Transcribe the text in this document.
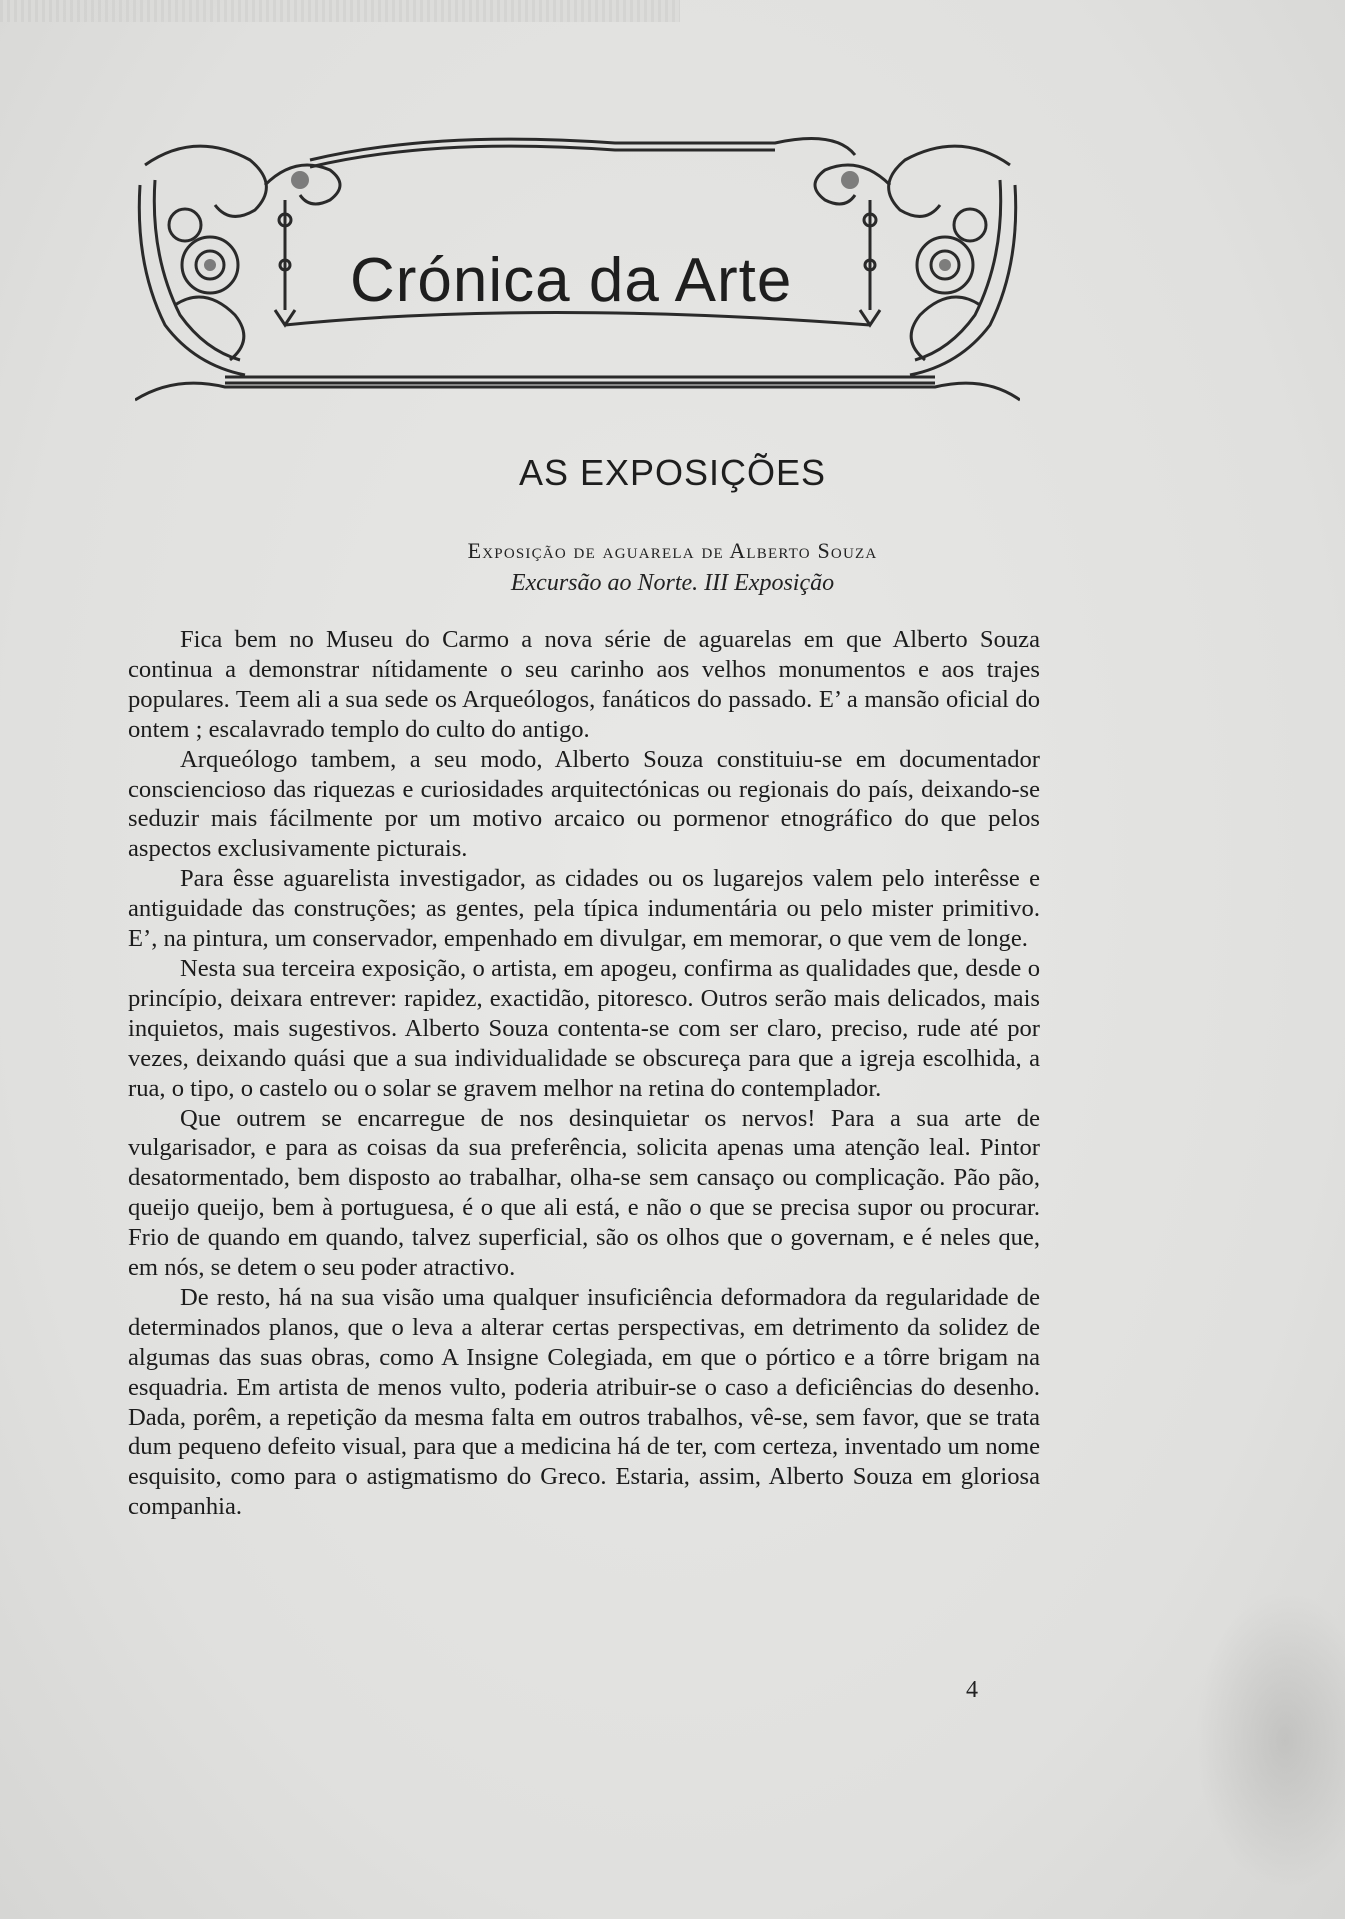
Crónica da Arte
AS EXPOSIÇÕES
Exposição de aguarela de Alberto Souza
Excursão ao Norte. III Exposição

Fica bem no Museu do Carmo a nova série de aguarelas em que Alberto Souza continua a demonstrar nítidamente o seu carinho aos velhos monumentos e aos trajes populares. Teem ali a sua sede os Arqueólogos, fanáticos do passado. E’ a mansão oficial do ontem ; escalavrado templo do culto do antigo.

Arqueólogo tambem, a seu modo, Alberto Souza constituiu-se em documentador consciencioso das riquezas e curiosidades arquitectónicas ou regionais do país, deixando-se seduzir mais fácilmente por um motivo arcaico ou pormenor etnográfico do que pelos aspectos exclusivamente picturais.

Para êsse aguarelista investigador, as cidades ou os lugarejos valem pelo interêsse e antiguidade das construções; as gentes, pela típica indumentária ou pelo mister primitivo. E’, na pintura, um conservador, empenhado em divulgar, em memorar, o que vem de longe.

Nesta sua terceira exposição, o artista, em apogeu, confirma as qualidades que, desde o princípio, deixara entrever: rapidez, exactidão, pitoresco. Outros serão mais delicados, mais inquietos, mais sugestivos. Alberto Souza contenta-se com ser claro, preciso, rude até por vezes, deixando quási que a sua individualidade se obscureça para que a igreja escolhida, a rua, o tipo, o castelo ou o solar se gravem melhor na retina do contemplador.

Que outrem se encarregue de nos desinquietar os nervos! Para a sua arte de vulgarisador, e para as coisas da sua preferência, solicita apenas uma atenção leal. Pintor desatormentado, bem disposto ao trabalhar, olha-se sem cansaço ou complicação. Pão pão, queijo queijo, bem à portuguesa, é o que ali está, e não o que se precisa supor ou procurar. Frio de quando em quando, talvez superficial, são os olhos que o governam, e é neles que, em nós, se detem o seu poder atractivo.

De resto, há na sua visão uma qualquer insuficiência deformadora da regularidade de determinados planos, que o leva a alterar certas perspectivas, em detrimento da solidez de algumas das suas obras, como A Insigne Colegiada, em que o pórtico e a tôrre brigam na esquadria. Em artista de menos vulto, poderia atribuir-se o caso a deficiências do desenho. Dada, porêm, a repetição da mesma falta em outros trabalhos, vê-se, sem favor, que se trata dum pequeno defeito visual, para que a medicina há de ter, com certeza, inventado um nome esquisito, como para o astigmatismo do Greco. Estaria, assim, Alberto Souza em gloriosa companhia.

4
